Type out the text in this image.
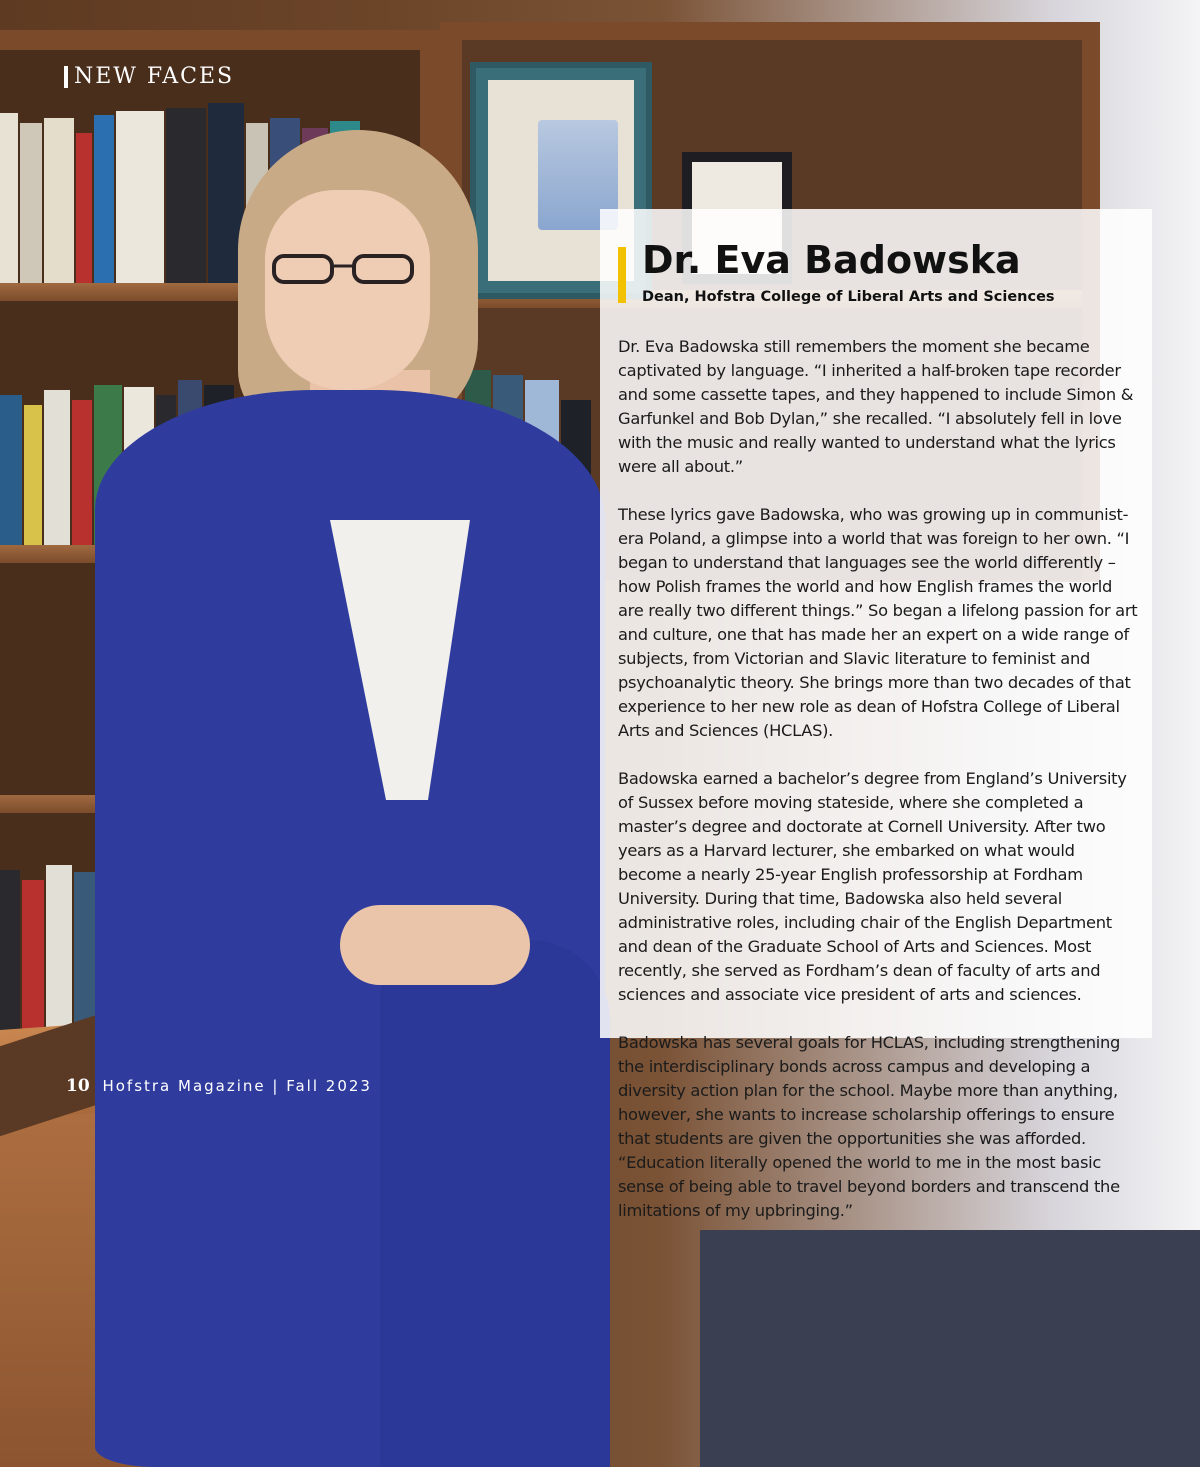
NEW FACES
Dr. Eva Badowska
Dean, Hofstra College of Liberal Arts and Sciences

Dr. Eva Badowska still remembers the moment she became captivated by language. “I inherited a half-broken tape recorder and some cassette tapes, and they happened to include Simon & Garfunkel and Bob Dylan,” she recalled. “I absolutely fell in love with the music and really wanted to understand what the lyrics were all about.”

These lyrics gave Badowska, who was growing up in communist-era Poland, a glimpse into a world that was foreign to her own. “I began to understand that languages see the world differently – how Polish frames the world and how English frames the world are really two different things.” So began a lifelong passion for art and culture, one that has made her an expert on a wide range of subjects, from Victorian and Slavic literature to feminist and psychoanalytic theory. She brings more than two decades of that experience to her new role as dean of Hofstra College of Liberal Arts and Sciences (HCLAS).

Badowska earned a bachelor’s degree from England’s University of Sussex before moving stateside, where she completed a master’s degree and doctorate at Cornell University. After two years as a Harvard lecturer, she embarked on what would become a nearly 25-year English professorship at Fordham University. During that time, Badowska also held several administrative roles, including chair of the English Department and dean of the Graduate School of Arts and Sciences. Most recently, she served as Fordham’s dean of faculty of arts and sciences and associate vice president of arts and sciences.

Badowska has several goals for HCLAS, including strengthening the interdisciplinary bonds across campus and developing a diversity action plan for the school. Maybe more than anything, however, she wants to increase scholarship offerings to ensure that students are given the opportunities she was afforded. “Education literally opened the world to me in the most basic sense of being able to travel beyond borders and transcend the limitations of my upbringing.”

10 Hofstra Magazine | Fall 2023
